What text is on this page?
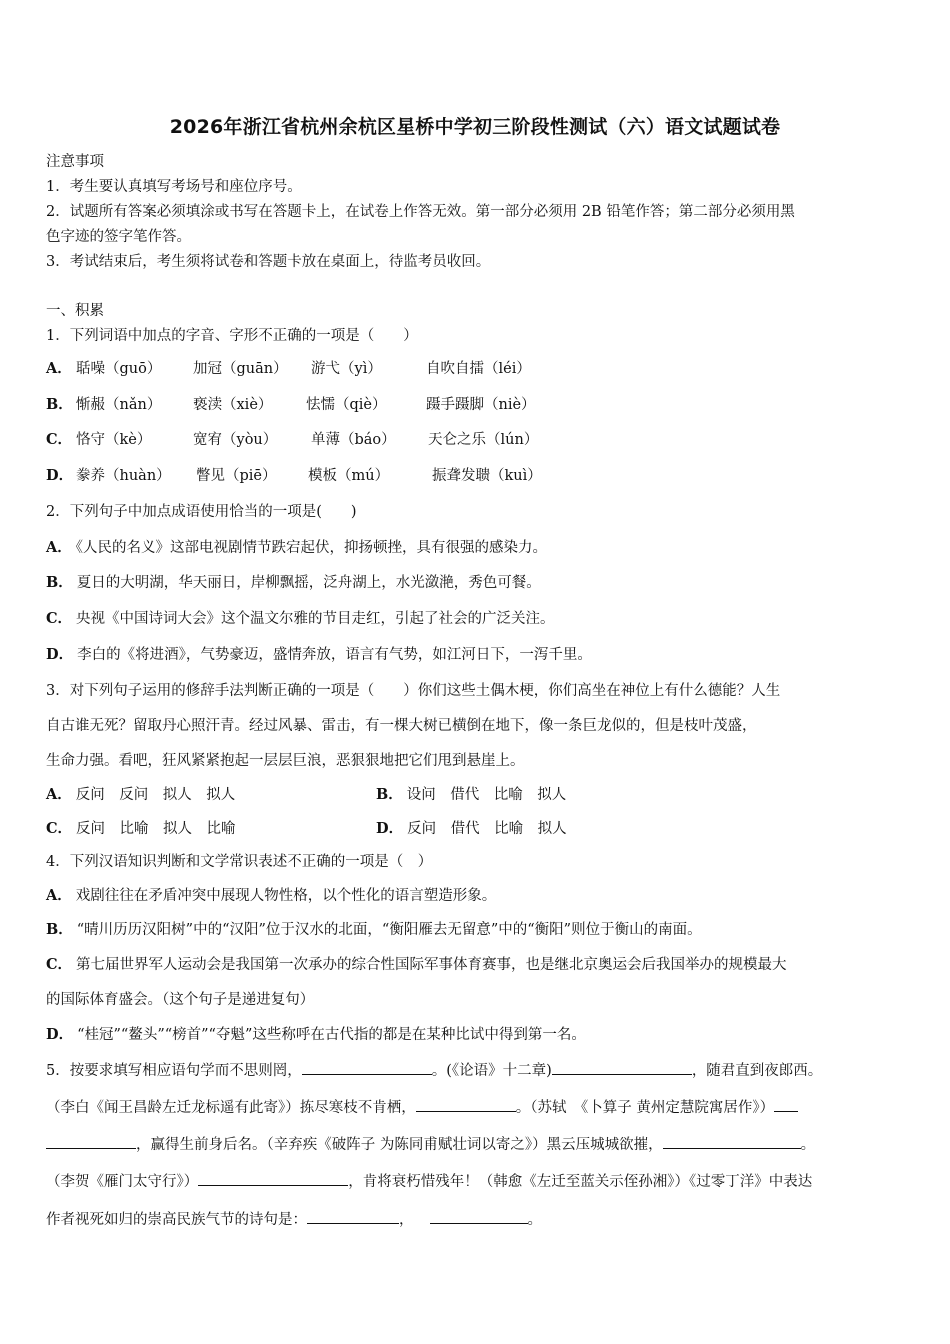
2026年浙江省杭州余杭区星桥中学初三阶段性测试（六）语文试题试卷
注意事项
1．考生要认真填写考场号和座位序号。
2．试题所有答案必须填涂或书写在答题卡上，在试卷上作答无效。第一部分必须用 2B 铅笔作答；第二部分必须用黑
色字迹的签字笔作答。
3．考试结束后，考生须将试卷和答题卡放在桌面上，待监考员收回。
一、积累
1．下列词语中加点的字音、字形不正确的一项是（　　）
A． 聒噪（guō） 加冠（guān） 游弋（yì）	自吹自擂（léi）
B． 惭赧（nǎn） 亵渎（xiè） 怯懦（qiè）	蹑手蹑脚（niè）
C． 恪守（kè）	宽宥（yòu） 单薄（báo） 天仑之乐（lún）
D． 豢养（huàn） 瞥见（piē） 模板（mú）	振聋发聩（kuì）
2．下列句子中加点成语使用恰当的一项是(　　)
A． 《人民的名义》这部电视剧情节跌宕起伏，抑扬顿挫，具有很强的感染力。
B． 夏日的大明湖，华天丽日，岸柳飘摇，泛舟湖上，水光潋滟，秀色可餐。
C． 央视《中国诗词大会》这个温文尔雅的节目走红，引起了社会的广泛关注。
D． 李白的《将进酒》，气势豪迈，盛情奔放，语言有气势，如江河日下，一泻千里。
3．对下列句子运用的修辞手法判断正确的一项是（　　）你们这些土偶木梗，你们高坐在神位上有什么德能？人生
自古谁无死？留取丹心照汗青。经过风暴、雷击，有一棵大树已横倒在地下，像一条巨龙似的，但是枝叶茂盛，
生命力强。看吧，狂风紧紧抱起一层层巨浪，恶狠狠地把它们甩到悬崖上。
A． 反问　反问　拟人　拟人	B． 设问　借代　比喻　拟人
C． 反问　比喻　拟人　比喻	D． 反问　借代　比喻　拟人
4．下列汉语知识判断和文学常识表述不正确的一项是（　）
A． 戏剧往往在矛盾冲突中展现人物性格，以个性化的语言塑造形象。
B． “晴川历历汉阳树”中的“汉阳”位于汉水的北面，“衡阳雁去无留意”中的“衡阳”则位于衡山的南面。
C． 第七届世界军人运动会是我国第一次承办的综合性国际军事体育赛事，也是继北京奥运会后我国举办的规模最大
的国际体育盛会。（这个句子是递进复句）
D． “桂冠”“鳌头”“榜首”“夺魁”这些称呼在古代指的都是在某种比试中得到第一名。
5．按要求填写相应语句学而不思则罔，	。(《论语》十二章)	，随君直到夜郎西。
（李白《闻王昌龄左迁龙标遥有此寄》）拣尽寒枝不肯栖，	。（苏轼　《卜算子 黄州定慧院寓居作》）
，赢得生前身后名。（辛弃疾《破阵子 为陈同甫赋壮词以寄之》）黑云压城城欲摧，	。
（李贺《雁门太守行》）	，肯将衰朽惜残年！（韩愈《左迁至蓝关示侄孙湘》）《过零丁洋》中表达
作者视死如归的崇高民族气节的诗句是：	，	。
